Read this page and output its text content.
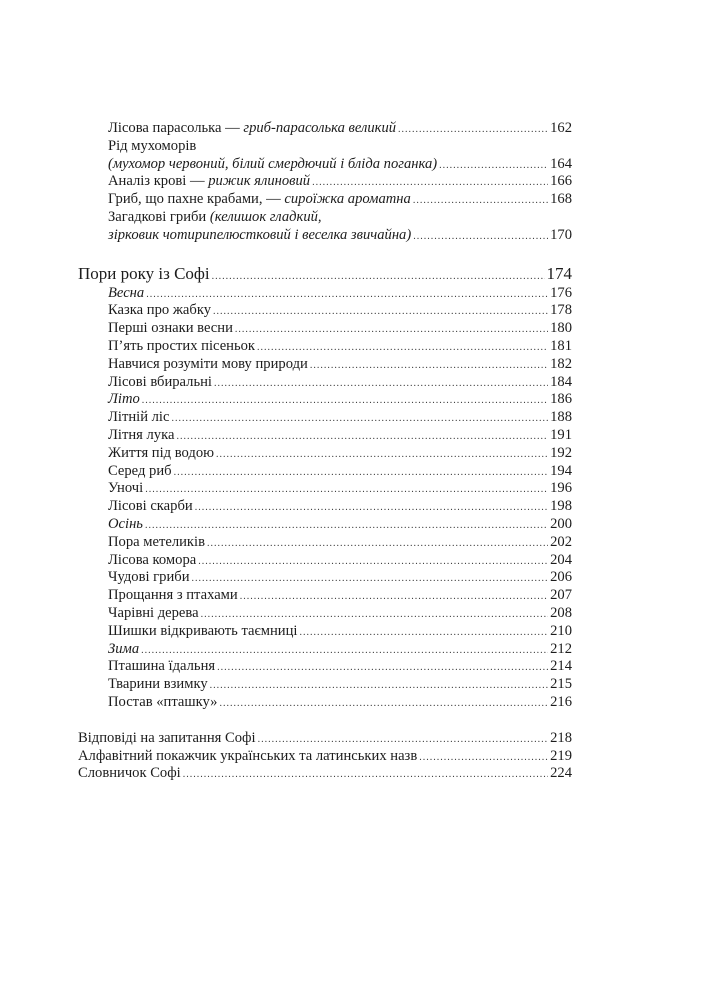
Лісова парасолька — гриб-парасолька великий .....	162
Рід мухоморів
(мухомор червоний, білий смердючий і бліда поганка) .....	164
Аналіз крові — рижик ялиновий .....	166
Гриб, що пахне крабами, — сироїжка ароматна .....	168
Загадкові гриби (келишок гладкий,
зірковик чотирипелюстковий і веселка звичайна) .....	170
Пори року із Софі .....	174
Весна .....	176
Казка про жабку .....	178
Перші ознаки весни .....	180
П’ять простих пісеньок .....	181
Навчися розуміти мову природи .....	182
Лісові вбиральні .....	184
Літо .....	186
Літній ліс .....	188
Літня лука .....	191
Життя під водою .....	192
Серед риб .....	194
Уночі .....	196
Лісові скарби .....	198
Осінь .....	200
Пора метеликів .....	202
Лісова комора .....	204
Чудові гриби .....	206
Прощання з птахами .....	207
Чарівні дерева .....	208
Шишки відкривають таємниці .....	210
Зима .....	212
Пташина їдальня .....	214
Тварини взимку .....	215
Постав «пташку» .....	216
Відповіді на запитання Софі .....	218
Алфавітний покажчик українських та латинських назв .....	219
Словничок Софі .....	224
